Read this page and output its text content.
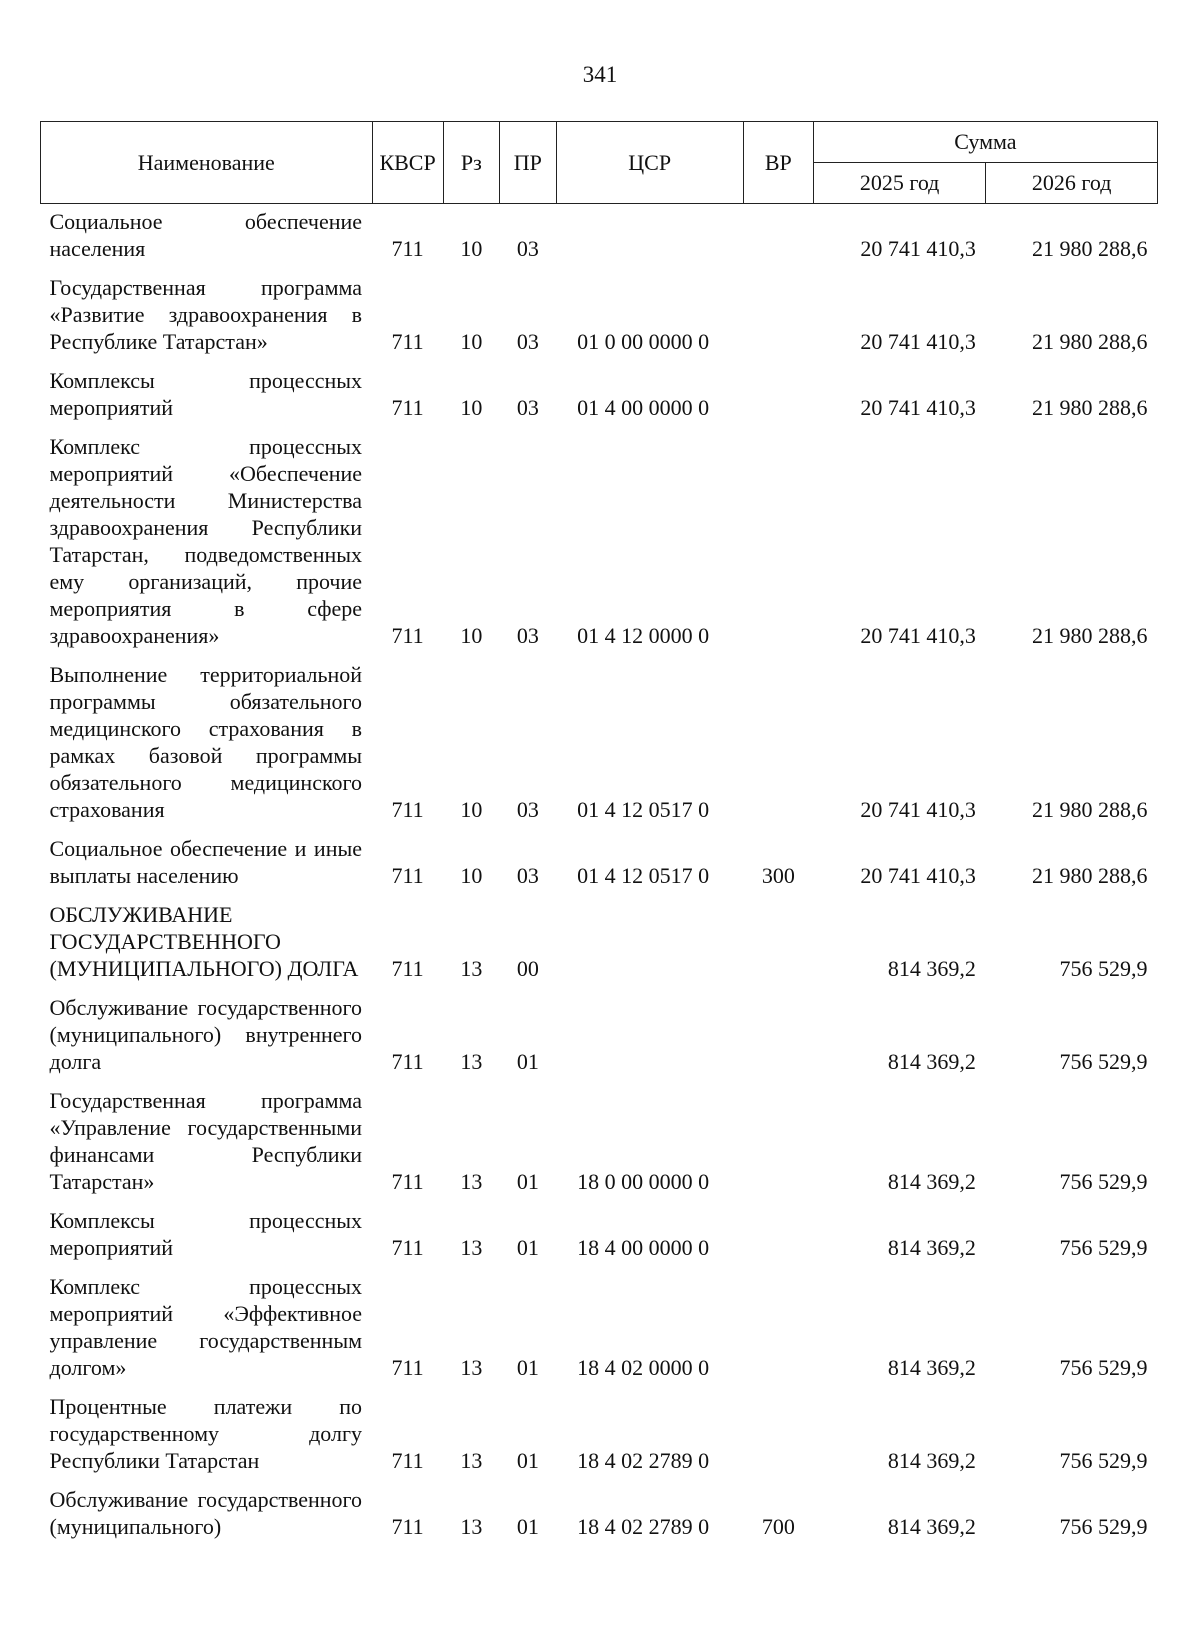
341
Наименование	КВСР	Рз	ПР	ЦСР	ВР	Сумма	
						2025 год	2026 год
Социальное обеспечение населения	711	10	03			20 741 410,3	21 980 288,6
Государственная программа «Развитие здравоохранения в Республике Татарстан»	711	10	03	01 0 00 0000 0		20 741 410,3	21 980 288,6
Комплексы процессных мероприятий	711	10	03	01 4 00 0000 0		20 741 410,3	21 980 288,6
Комплекс процессных мероприятий «Обеспечение деятельности Министерства здравоохранения Республики Татарстан, подведомственных ему организаций, прочие мероприятия в сфере здравоохранения»	711	10	03	01 4 12 0000 0		20 741 410,3	21 980 288,6
Выполнение территориальной программы обязательного медицинского страхования в рамках базовой программы обязательного медицинского страхования	711	10	03	01 4 12 0517 0		20 741 410,3	21 980 288,6
Социальное обеспечение и иные выплаты населению	711	10	03	01 4 12 0517 0	300	20 741 410,3	21 980 288,6
ОБСЛУЖИВАНИЕ ГОСУДАРСТВЕННОГО (МУНИЦИПАЛЬНОГО) ДОЛГА	711	13	00			814 369,2	756 529,9
Обслуживание государственного (муниципального) внутреннего долга	711	13	01			814 369,2	756 529,9
Государственная программа «Управление государственными финансами Республики Татарстан»	711	13	01	18 0 00 0000 0		814 369,2	756 529,9
Комплексы процессных мероприятий	711	13	01	18 4 00 0000 0		814 369,2	756 529,9
Комплекс процессных мероприятий «Эффективное управление государственным долгом»	711	13	01	18 4 02 0000 0		814 369,2	756 529,9
Процентные платежи по государственному долгу Республики Татарстан	711	13	01	18 4 02 2789 0		814 369,2	756 529,9
Обслуживание государственного (муниципального)	711	13	01	18 4 02 2789 0	700	814 369,2	756 529,9
